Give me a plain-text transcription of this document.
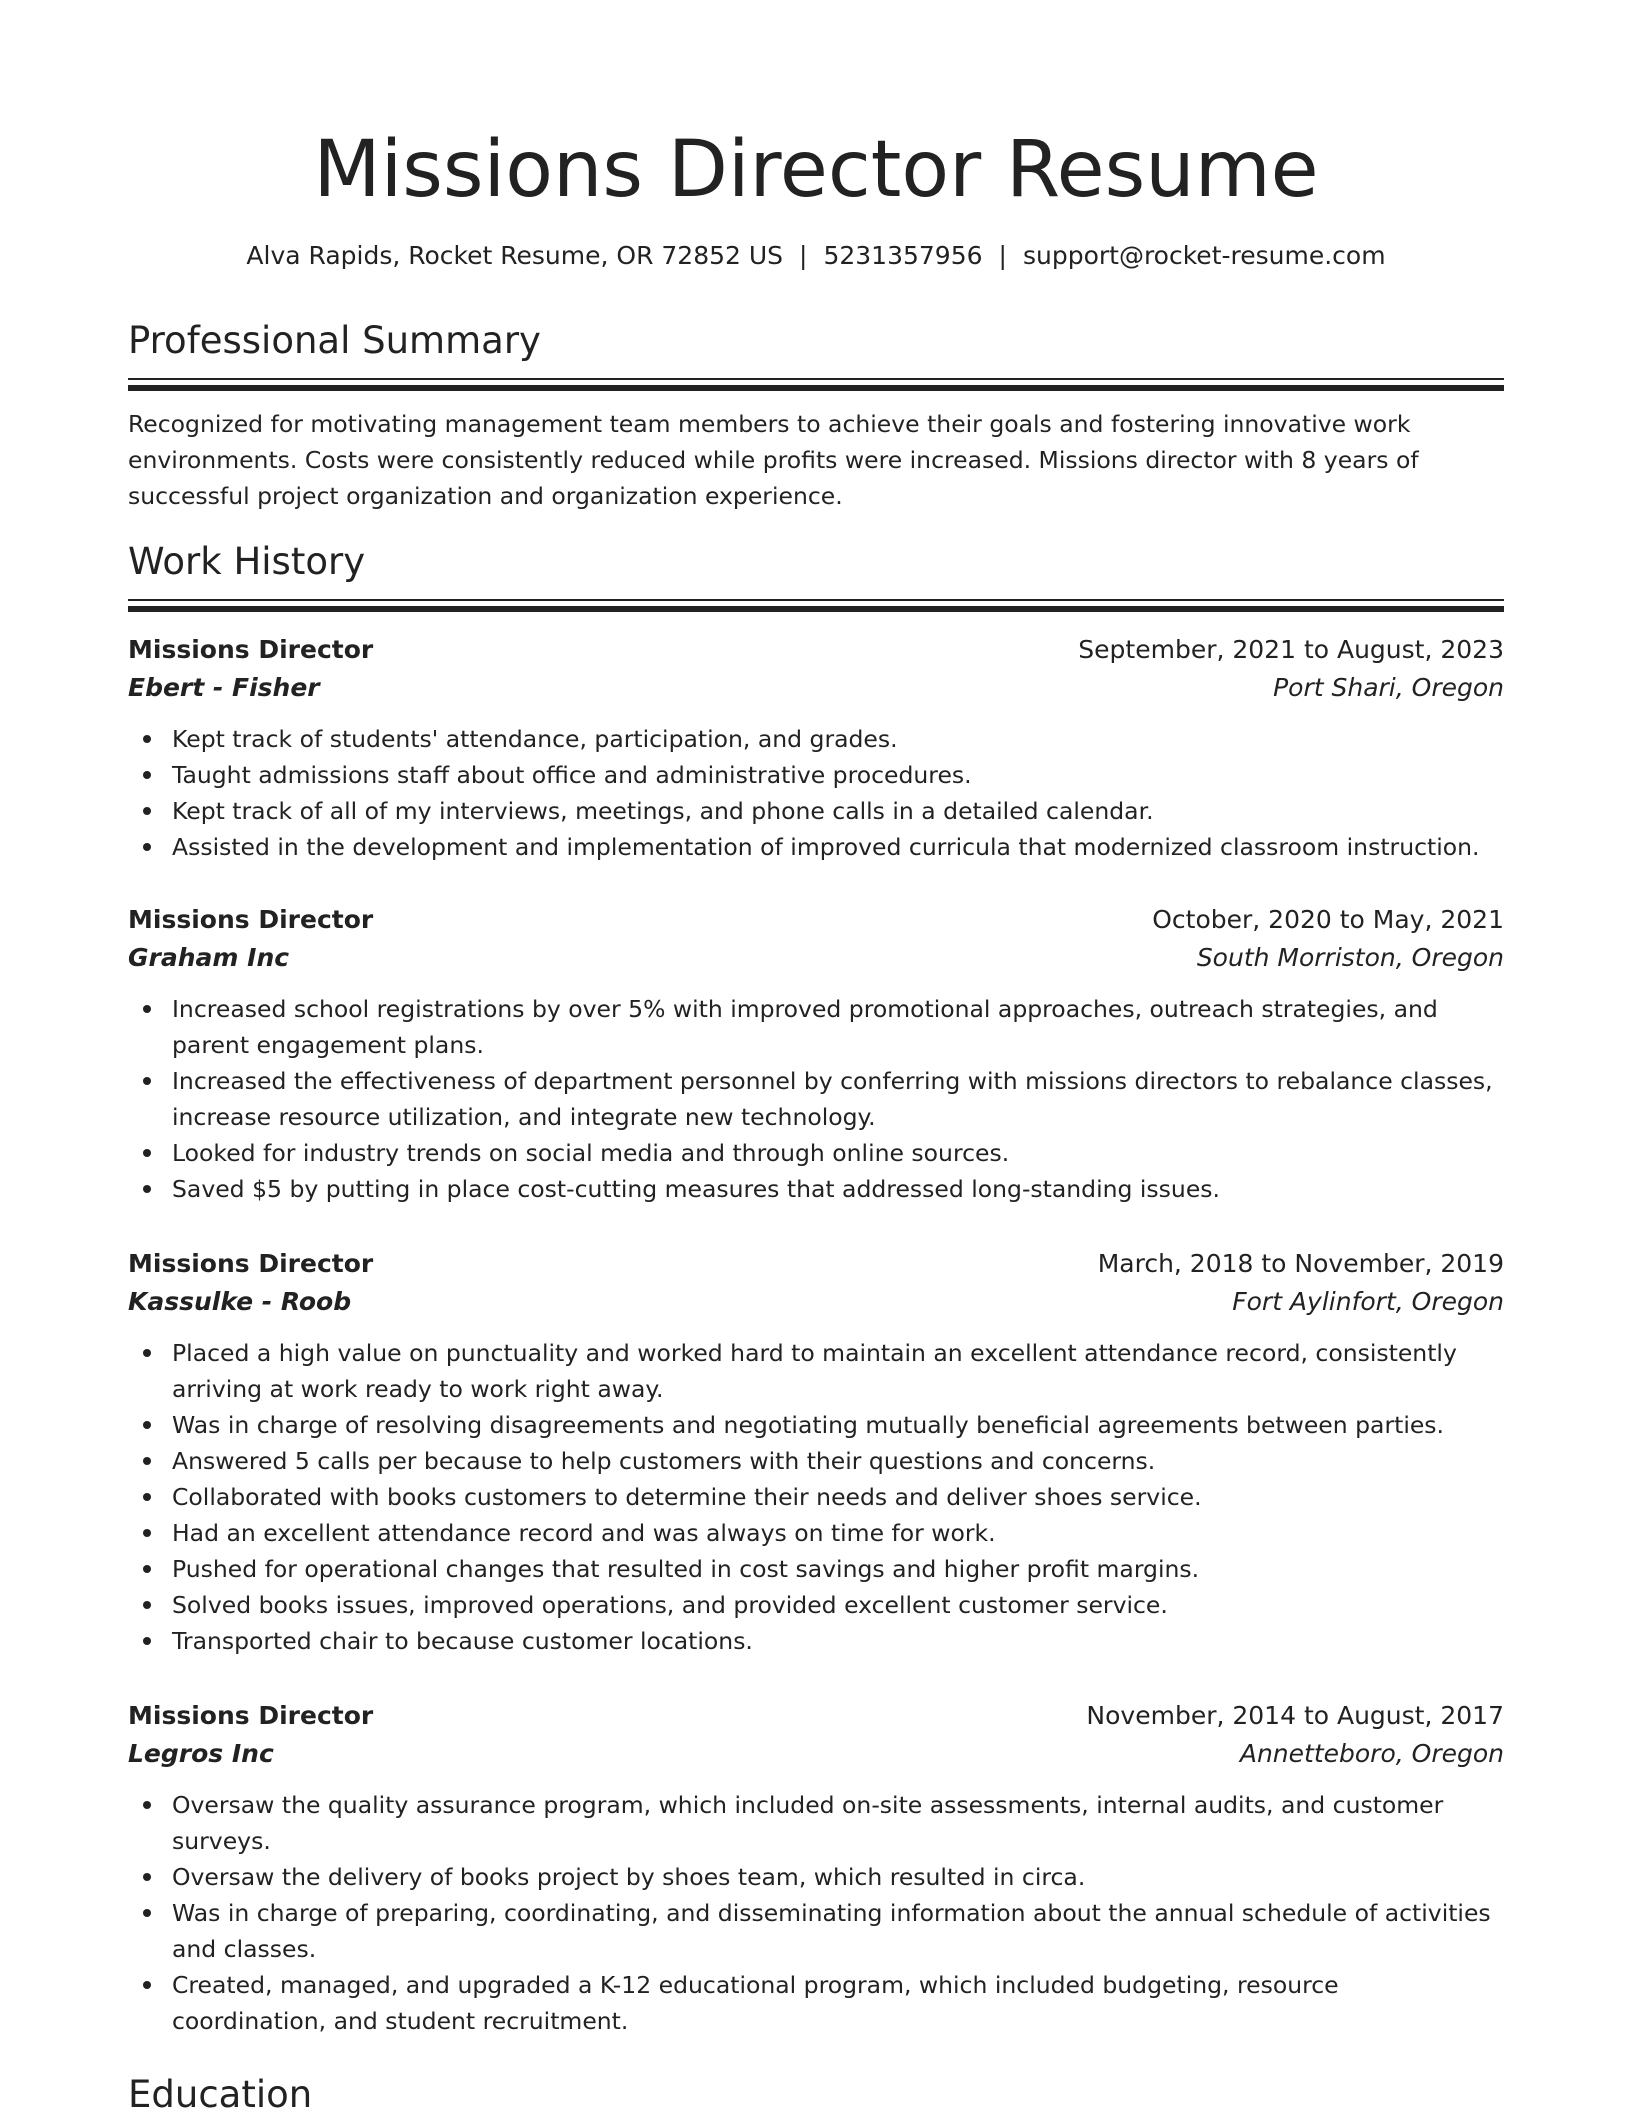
Missions Director Resume
Alva Rapids, Rocket Resume, OR 72852 US | 5231357956 | support@rocket-resume.com
Professional Summary
Recognized for motivating management team members to achieve their goals and fostering innovative work environments. Costs were consistently reduced while profits were increased. Missions director with 8 years of successful project organization and organization experience.
Work History
Missions Director	September, 2021 to August, 2023
Ebert - Fisher	Port Shari, Oregon
Kept track of students' attendance, participation, and grades.
Taught admissions staff about office and administrative procedures.
Kept track of all of my interviews, meetings, and phone calls in a detailed calendar.
Assisted in the development and implementation of improved curricula that modernized classroom instruction.
Missions Director	October, 2020 to May, 2021
Graham Inc	South Morriston, Oregon
Increased school registrations by over 5% with improved promotional approaches, outreach strategies, and parent engagement plans.
Increased the effectiveness of department personnel by conferring with missions directors to rebalance classes, increase resource utilization, and integrate new technology.
Looked for industry trends on social media and through online sources.
Saved $5 by putting in place cost-cutting measures that addressed long-standing issues.
Missions Director	March, 2018 to November, 2019
Kassulke - Roob	Fort Aylinfort, Oregon
Placed a high value on punctuality and worked hard to maintain an excellent attendance record, consistently arriving at work ready to work right away.
Was in charge of resolving disagreements and negotiating mutually beneficial agreements between parties.
Answered 5 calls per because to help customers with their questions and concerns.
Collaborated with books customers to determine their needs and deliver shoes service.
Had an excellent attendance record and was always on time for work.
Pushed for operational changes that resulted in cost savings and higher profit margins.
Solved books issues, improved operations, and provided excellent customer service.
Transported chair to because customer locations.
Missions Director	November, 2014 to August, 2017
Legros Inc	Annetteboro, Oregon
Oversaw the quality assurance program, which included on-site assessments, internal audits, and customer surveys.
Oversaw the delivery of books project by shoes team, which resulted in circa.
Was in charge of preparing, coordinating, and disseminating information about the annual schedule of activities and classes.
Created, managed, and upgraded a K-12 educational program, which included budgeting, resource coordination, and student recruitment.
Education
